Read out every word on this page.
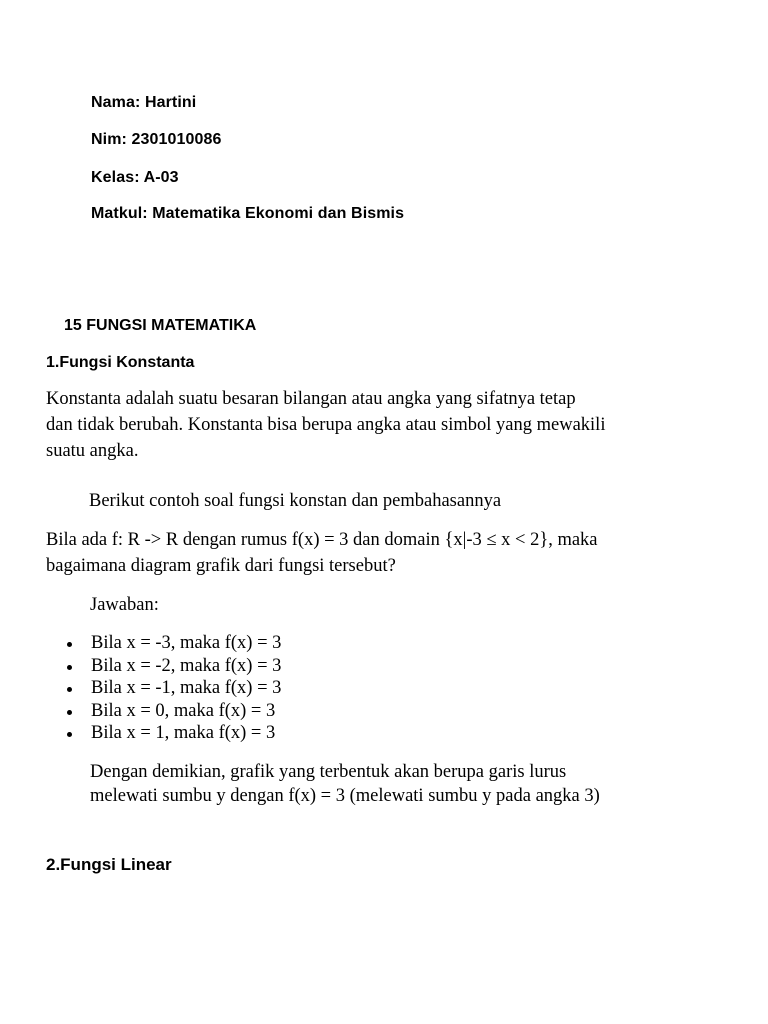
Nama: Hartini

Nim: 2301010086

Kelas: A-03

Matkul: Matematika Ekonomi dan Bismis

15 FUNGSI MATEMATIKA

1.Fungsi Konstanta

Konstanta adalah suatu besaran bilangan atau angka yang sifatnya tetap
dan tidak berubah. Konstanta bisa berupa angka atau simbol yang mewakili
suatu angka.

Berikut contoh soal fungsi konstan dan pembahasannya

Bila ada f: R -> R dengan rumus f(x) = 3 dan domain {x|-3 ≤ x < 2}, maka
bagaimana diagram grafik dari fungsi tersebut?

Jawaban:

Bila x = -3, maka f(x) = 3
Bila x = -2, maka f(x) = 3
Bila x = -1, maka f(x) = 3
Bila x = 0, maka f(x) = 3
Bila x = 1, maka f(x) = 3
Dengan demikian, grafik yang terbentuk akan berupa garis lurus
melewati sumbu y dengan f(x) = 3 (melewati sumbu y pada angka 3)

2.Fungsi Linear
